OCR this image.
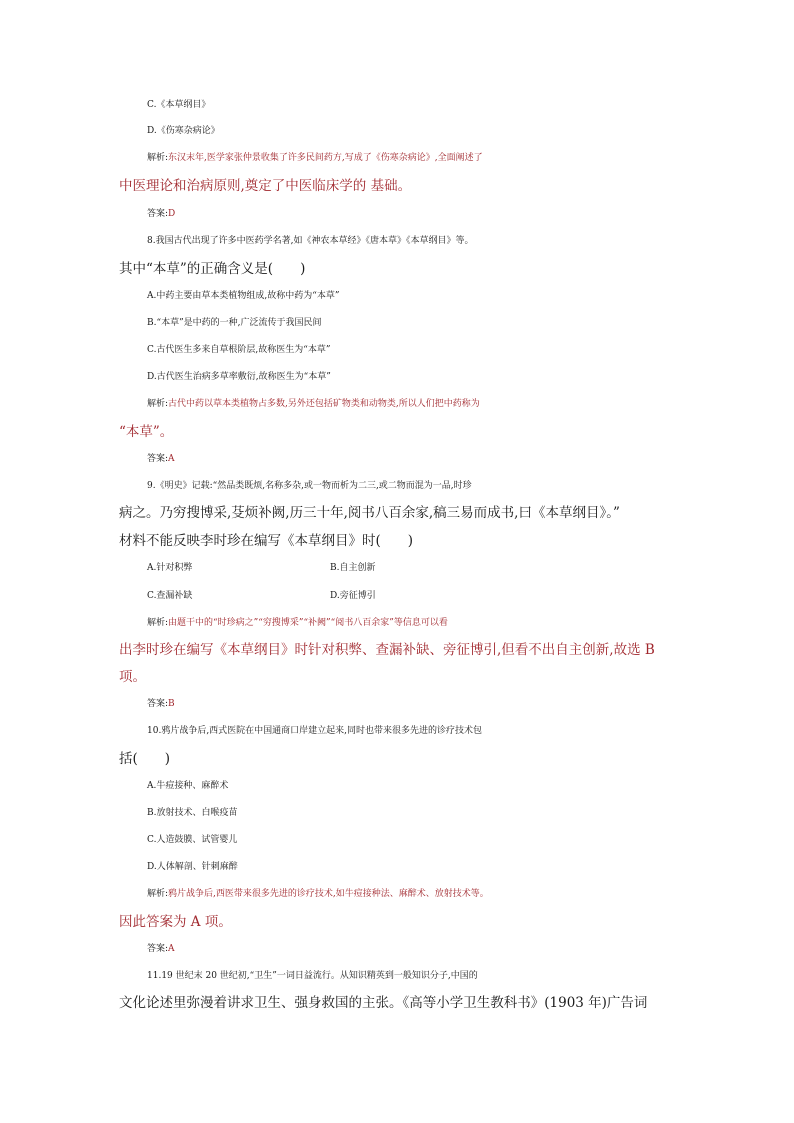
C.《本草纲目》
D.《伤寒杂病论》
解析:东汉末年,医学家张仲景收集了许多民间药方,写成了《伤寒杂病论》,全面阐述了
中医理论和治病原则,奠定了中医临床学的 基础。
答案:D
8.我国古代出现了许多中医药学名著,如《神农本草经》《唐本草》《本草纲目》等。
其中“本草”的正确含义是(　　)
A.中药主要由草本类植物组成,故称中药为“本草”
B.“本草”是中药的一种,广泛流传于我国民间
C.古代医生多来自草根阶层,故称医生为“本草”
D.古代医生治病多草率敷衍,故称医生为“本草”
解析:古代中药以草本类植物占多数,另外还包括矿物类和动物类,所以人们把中药称为
“本草”。
答案:A
9.《明史》记载:“然品类既烦,名称多杂,或一物而析为二三,或二物而混为一品,时珍
病之。乃穷搜博采,芟烦补阙,历三十年,阅书八百余家,稿三易而成书,曰《本草纲目》。”
材料不能反映李时珍在编写《本草纲目》时(　　)
A.针对积弊	B.自主创新
C.查漏补缺	D.旁征博引
解析:由题干中的“时珍病之”“穷搜博采”“补阙”“阅书八百余家”等信息可以看
出李时珍在编写《本草纲目》时针对积弊、查漏补缺、旁征博引,但看不出自主创新,故选 B
项。
答案:B
10.鸦片战争后,西式医院在中国通商口岸建立起来,同时也带来很多先进的诊疗技术包
括(　　)
A.牛痘接种、麻醉术
B.放射技术、白喉疫苗
C.人造鼓膜、试管婴儿
D.人体解剖、针刺麻醉
解析:鸦片战争后,西医带来很多先进的诊疗技术,如牛痘接种法、麻醉术、放射技术等。
因此答案为 A 项。
答案:A
11.19 世纪末 20 世纪初,“卫生”一词日益流行。从知识精英到一般知识分子,中国的
文化论述里弥漫着讲求卫生、强身救国的主张。《高等小学卫生教科书》(1903 年)广告词
